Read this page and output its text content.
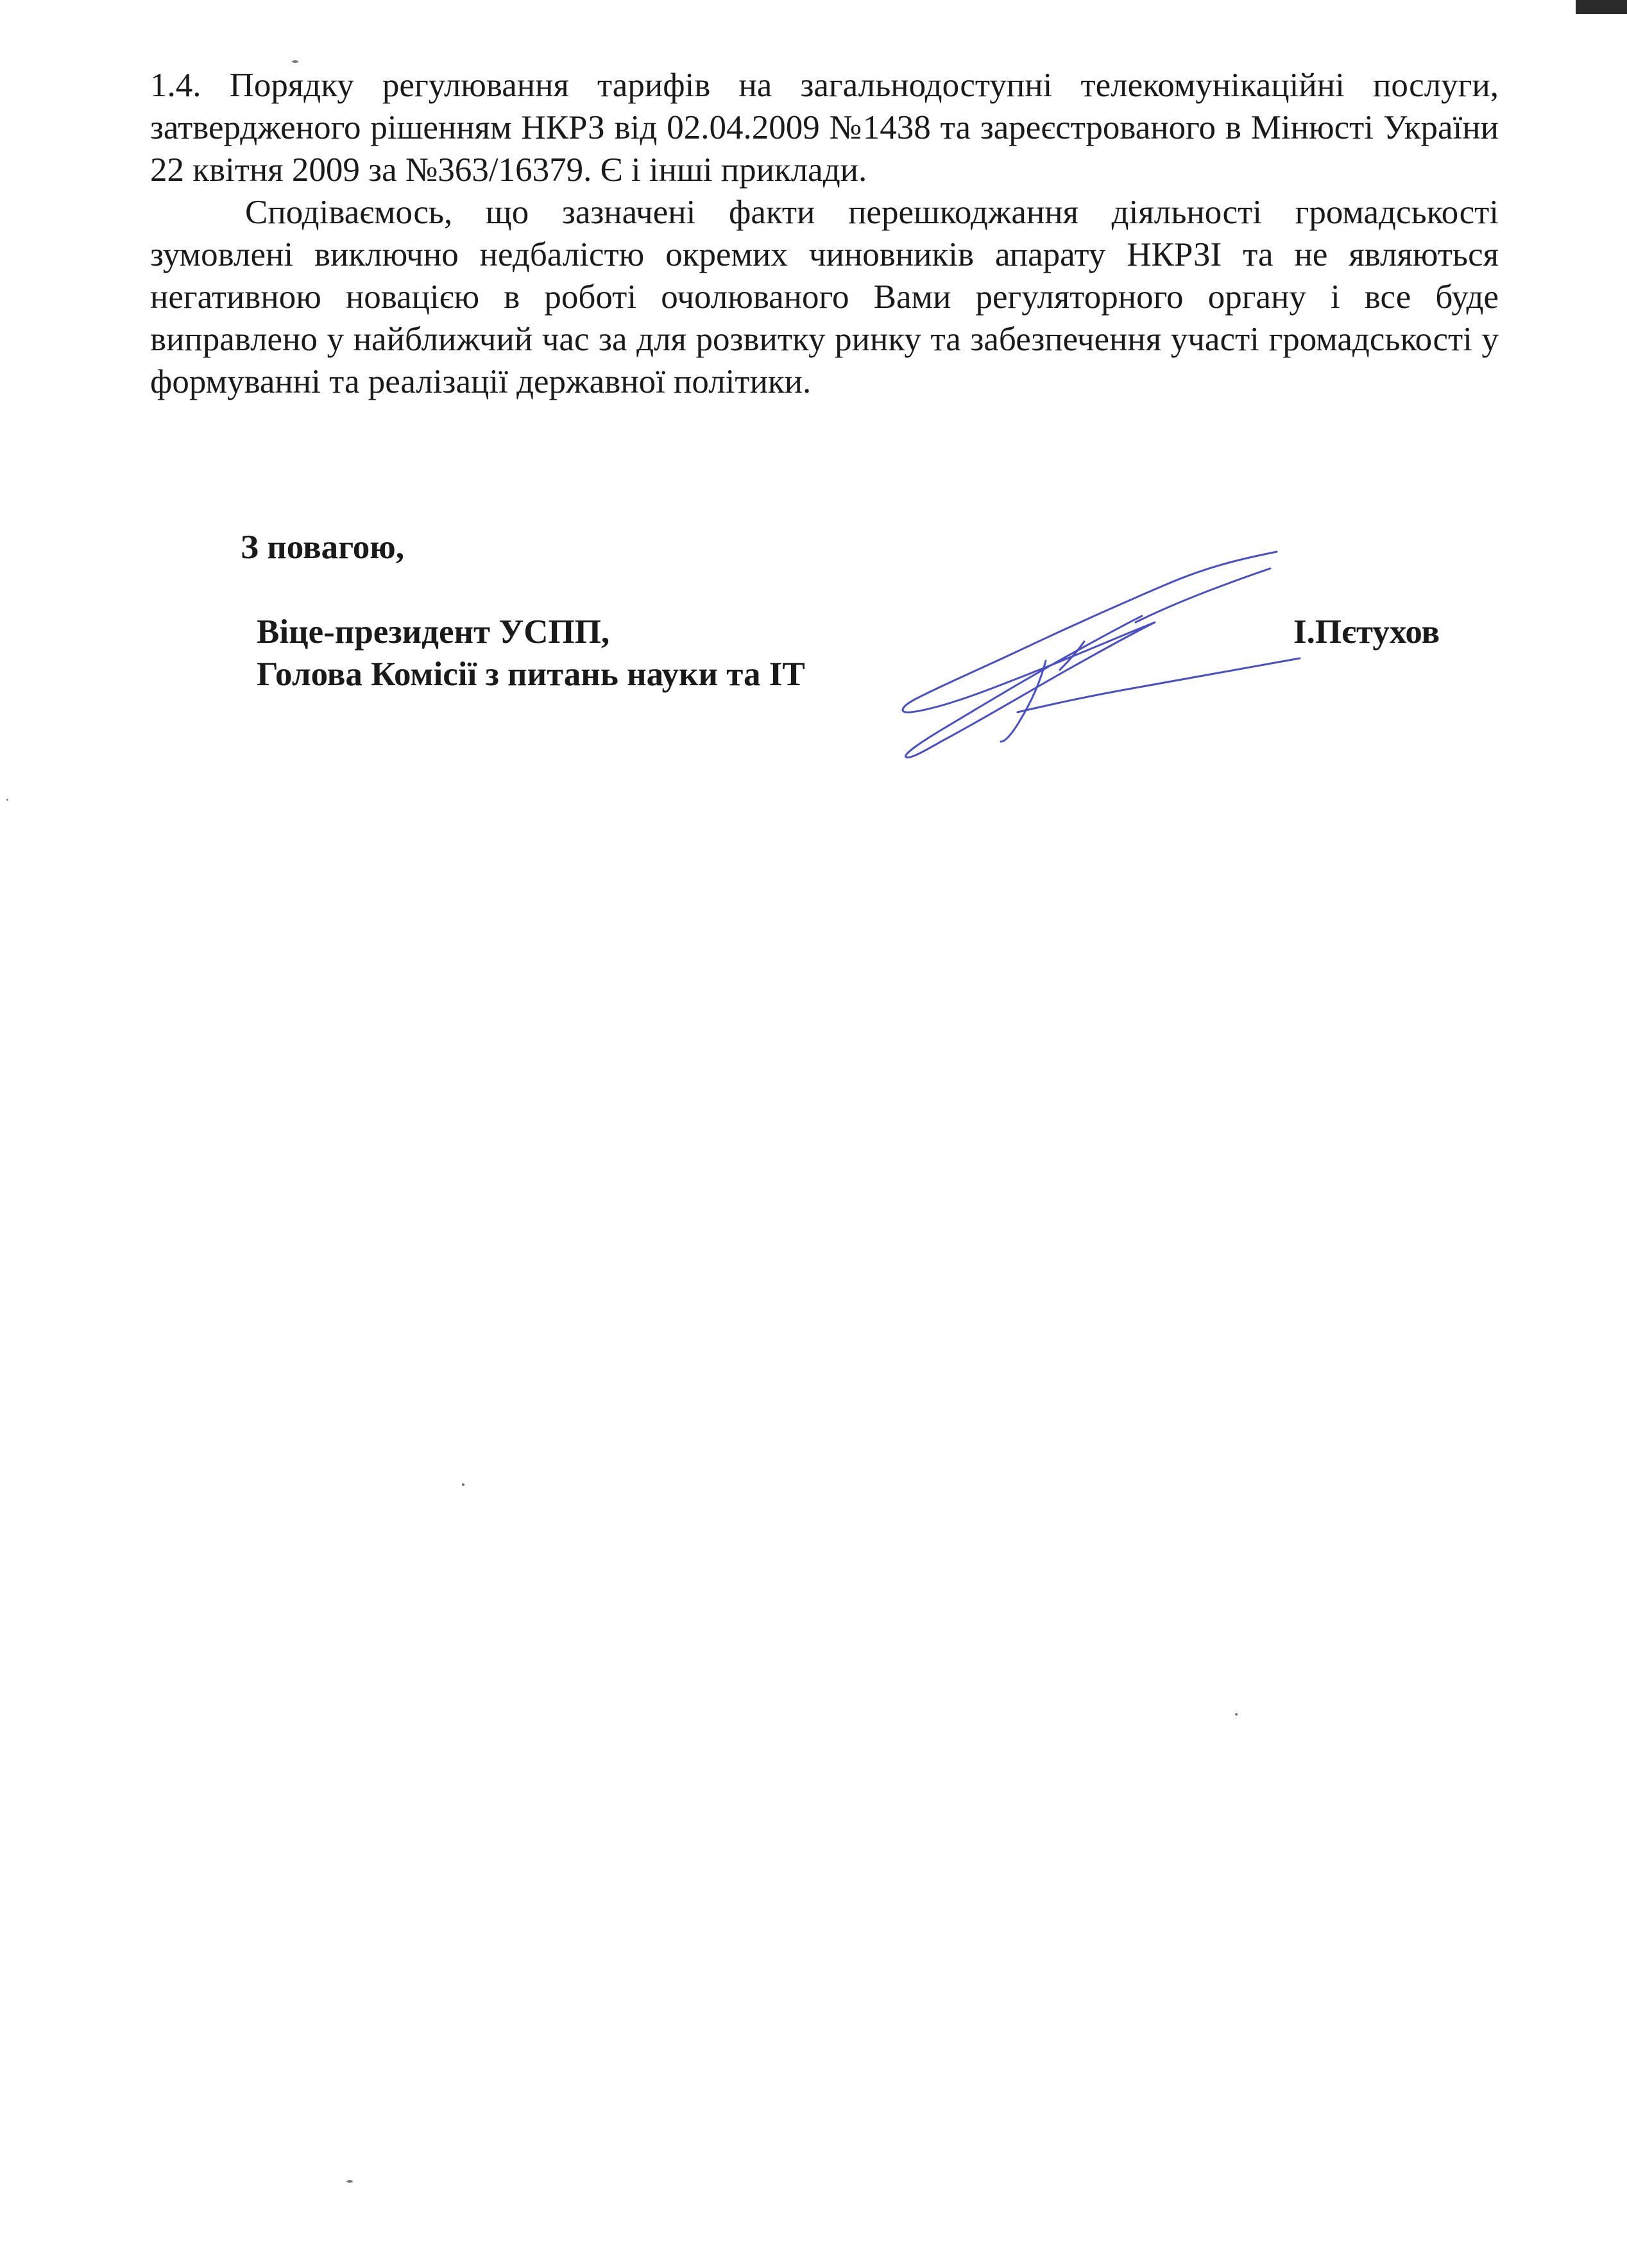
1.4. Порядку регулювання тарифів на загальнодоступні телекомунікаційні послуги, затвердженого рішенням НКРЗ від 02.04.2009 №1438 та зареєстрованого в Мінюсті України 22 квітня 2009 за №363/16379. Є і інші приклади.

Сподіваємось, що зазначені факти перешкоджання діяльності громадськості зумовлені виключно недбалістю окремих чиновників апарату НКРЗІ та не являються негативною новацією в роботі очолюваного Вами регуляторного органу і все буде виправлено у найближчий час за для розвитку ринку та забезпечення участі громадськості у формуванні та реалізації державної політики.

З повагою,
Віце-президент УСПП,
Голова Комісії з питань науки та ІТ
І.Пєтухов
